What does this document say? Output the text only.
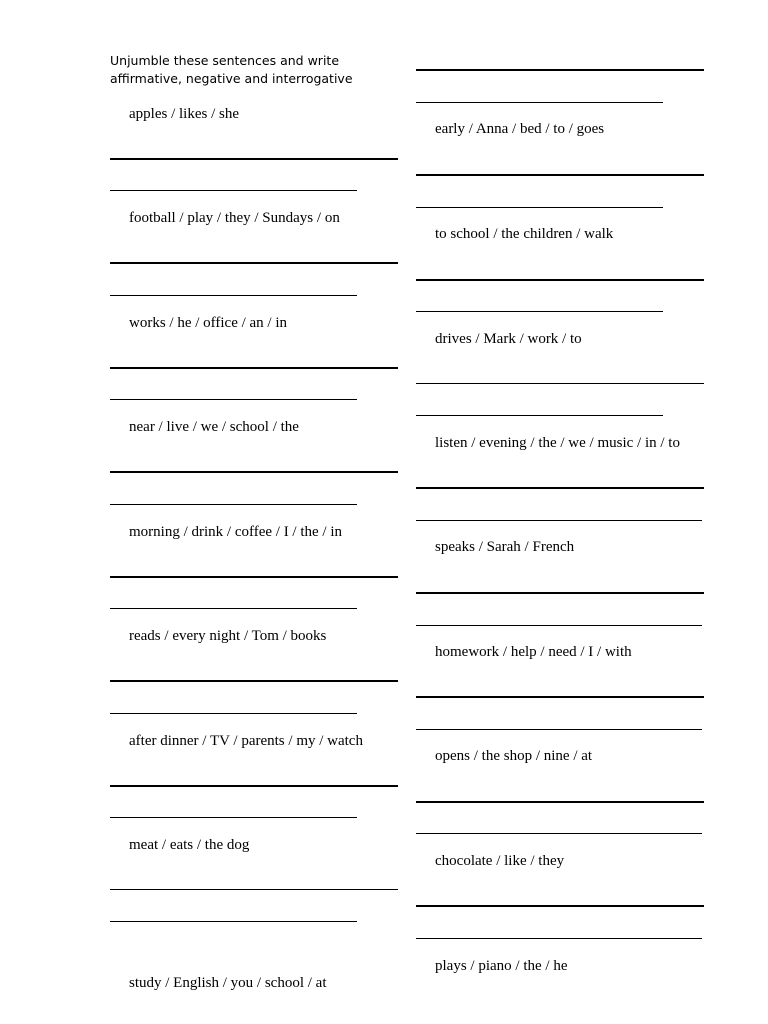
Unjumble these sentences and write affirmative, negative and interrogative
apples / likes / she
football / play / they / Sundays / on
works / he / office / an / in
near / live / we / school / the
morning / drink / coffee / I / the / in
reads / every night / Tom / books
after dinner / TV / parents / my / watch
meat / eats / the dog
study / English / you / school / at
early / Anna / bed / to / goes
to school / the children / walk
drives / Mark / work / to
listen / evening / the / we / music / in / to
speaks / Sarah / French
homework / help / need / I / with
opens / the shop / nine / at
chocolate / like / they
plays / piano / the / he
